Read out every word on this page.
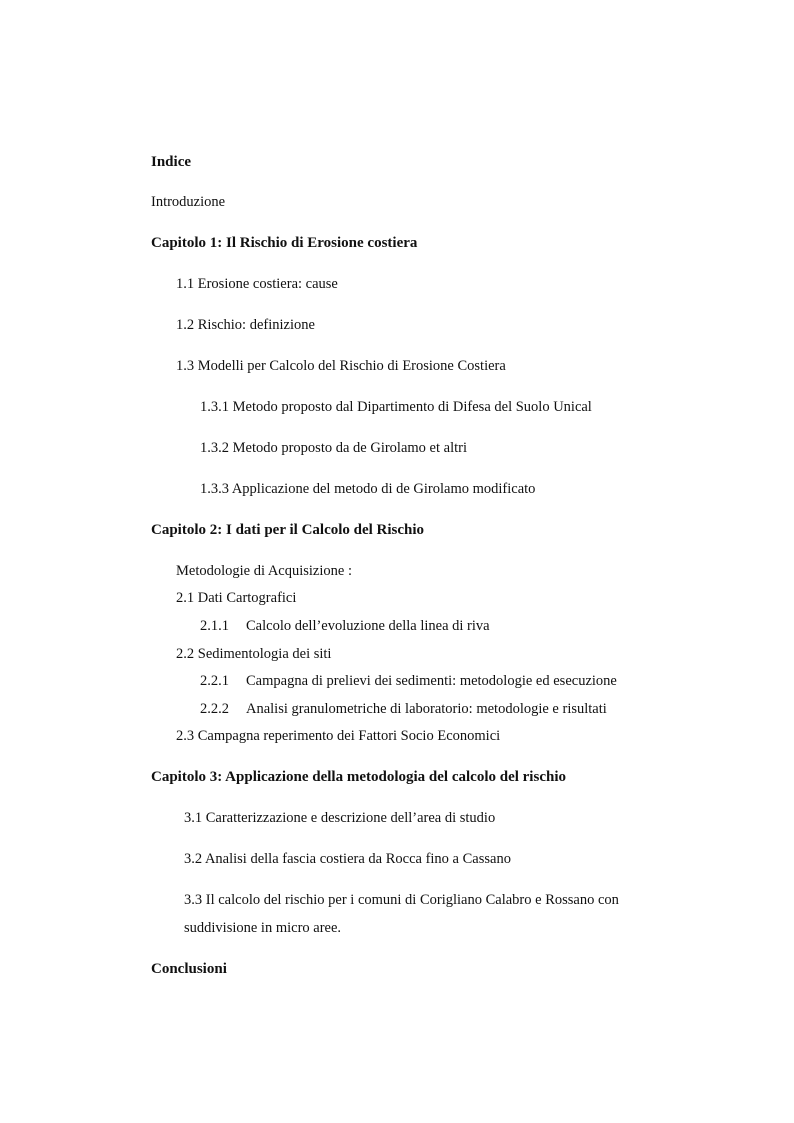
Indice
Introduzione
Capitolo 1: Il Rischio di Erosione costiera
1.1 Erosione costiera: cause
1.2 Rischio: definizione
1.3 Modelli per Calcolo del Rischio di Erosione Costiera
1.3.1 Metodo proposto dal Dipartimento di Difesa del Suolo Unical
1.3.2 Metodo proposto da de Girolamo et altri
1.3.3 Applicazione del metodo di de Girolamo modificato
Capitolo 2: I dati per il Calcolo del Rischio
Metodologie di Acquisizione :
2.1 Dati Cartografici
2.1.1 Calcolo dell’evoluzione della linea di riva
2.2 Sedimentologia dei siti
2.2.1 Campagna di prelievi dei sedimenti: metodologie ed esecuzione
2.2.2 Analisi granulometriche di laboratorio: metodologie e risultati
2.3 Campagna reperimento dei Fattori Socio Economici
Capitolo 3: Applicazione della metodologia del calcolo del rischio
3.1 Caratterizzazione e descrizione dell’area di studio
3.2 Analisi della fascia costiera da Rocca fino a Cassano
3.3 Il calcolo del rischio per i comuni di Corigliano Calabro e Rossano con
suddivisione in micro aree.
Conclusioni
